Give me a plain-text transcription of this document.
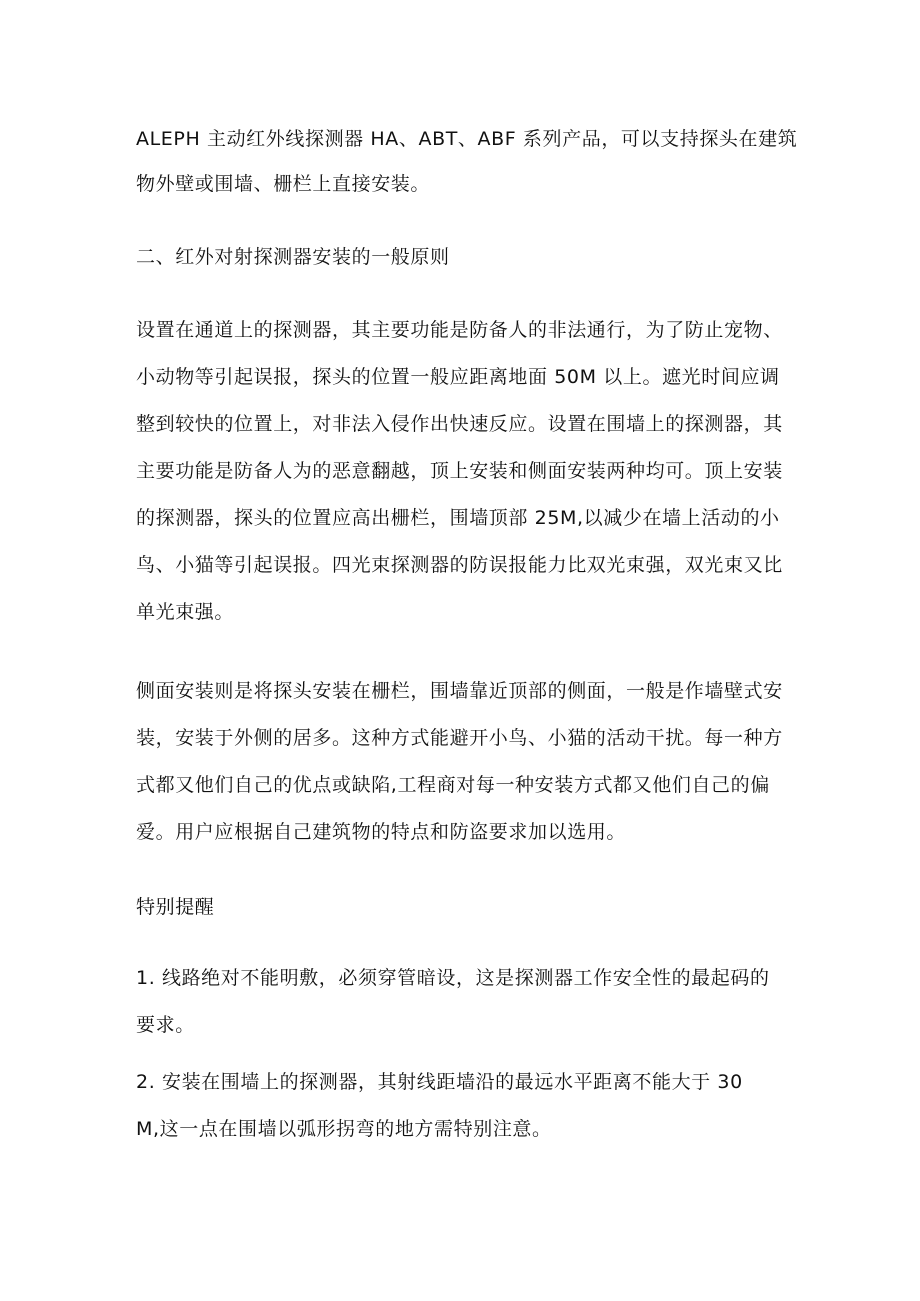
ALEPH 主动红外线探测器 HA、ABT、ABF 系列产品，可以支持探头在建筑
物外壁或围墙、栅栏上直接安装。
二、红外对射探测器安装的一般原则
设置在通道上的探测器，其主要功能是防备人的非法通行，为了防止宠物、
小动物等引起误报，探头的位置一般应距离地面 50M 以上。遮光时间应调
整到较快的位置上，对非法入侵作出快速反应。设置在围墙上的探测器，其
主要功能是防备人为的恶意翻越，顶上安装和侧面安装两种均可。顶上安装
的探测器，探头的位置应高出栅栏，围墙顶部 25M,以减少在墙上活动的小
鸟、小猫等引起误报。四光束探测器的防误报能力比双光束强，双光束又比
单光束强。
侧面安装则是将探头安装在栅栏，围墙靠近顶部的侧面，一般是作墙壁式安
装，安装于外侧的居多。这种方式能避开小鸟、小猫的活动干扰。每一种方
式都又他们自己的优点或缺陷,工程商对每一种安装方式都又他们自己的偏
爱。用户应根据自己建筑物的特点和防盗要求加以选用。
特别提醒
1. 线路绝对不能明敷，必须穿管暗设，这是探测器工作安全性的最起码的
要求。
2. 安装在围墙上的探测器，其射线距墙沿的最远水平距离不能大于 30
M,这一点在围墙以弧形拐弯的地方需特别注意。
